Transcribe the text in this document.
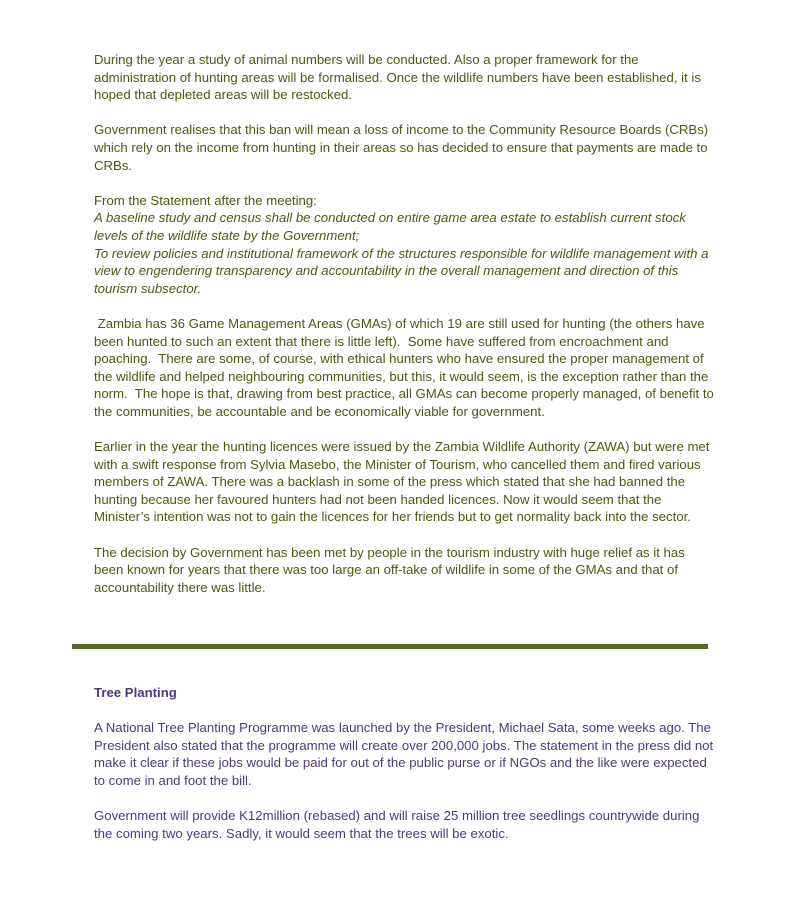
During the year a study of animal numbers will be conducted. Also a proper framework for the administration of hunting areas will be formalised. Once the wildlife numbers have been established, it is hoped that depleted areas will be restocked.

Government realises that this ban will mean a loss of income to the Community Resource Boards (CRBs) which rely on the income from hunting in their areas so has decided to ensure that payments are made to CRBs.

From the Statement after the meeting:
A baseline study and census shall be conducted on entire game area estate to establish current stock levels of the wildlife state by the Government;
To review policies and institutional framework of the structures responsible for wildlife management with a view to engendering transparency and accountability in the overall management and direction of this tourism subsector.

Zambia has 36 Game Management Areas (GMAs) of which 19 are still used for hunting (the others have been hunted to such an extent that there is little left).  Some have suffered from encroachment and poaching.  There are some, of course, with ethical hunters who have ensured the proper management of the wildlife and helped neighbouring communities, but this, it would seem, is the exception rather than the norm.  The hope is that, drawing from best practice, all GMAs can become properly managed, of benefit to the communities, be accountable and be economically viable for government.

Earlier in the year the hunting licences were issued by the Zambia Wildlife Authority (ZAWA) but were met with a swift response from Sylvia Masebo, the Minister of Tourism, who cancelled them and fired various members of ZAWA. There was a backlash in some of the press which stated that she had banned the hunting because her favoured hunters had not been handed licences. Now it would seem that the Minister’s intention was not to gain the licences for her friends but to get normality back into the sector.

The decision by Government has been met by people in the tourism industry with huge relief as it has been known for years that there was too large an off-take of wildlife in some of the GMAs and that of accountability there was little.

Tree Planting

A National Tree Planting Programme was launched by the President, Michael Sata, some weeks ago. The President also stated that the programme will create over 200,000 jobs. The statement in the press did not make it clear if these jobs would be paid for out of the public purse or if NGOs and the like were expected to come in and foot the bill.

Government will provide K12million (rebased) and will raise 25 million tree seedlings countrywide during the coming two years. Sadly, it would seem that the trees will be exotic.
